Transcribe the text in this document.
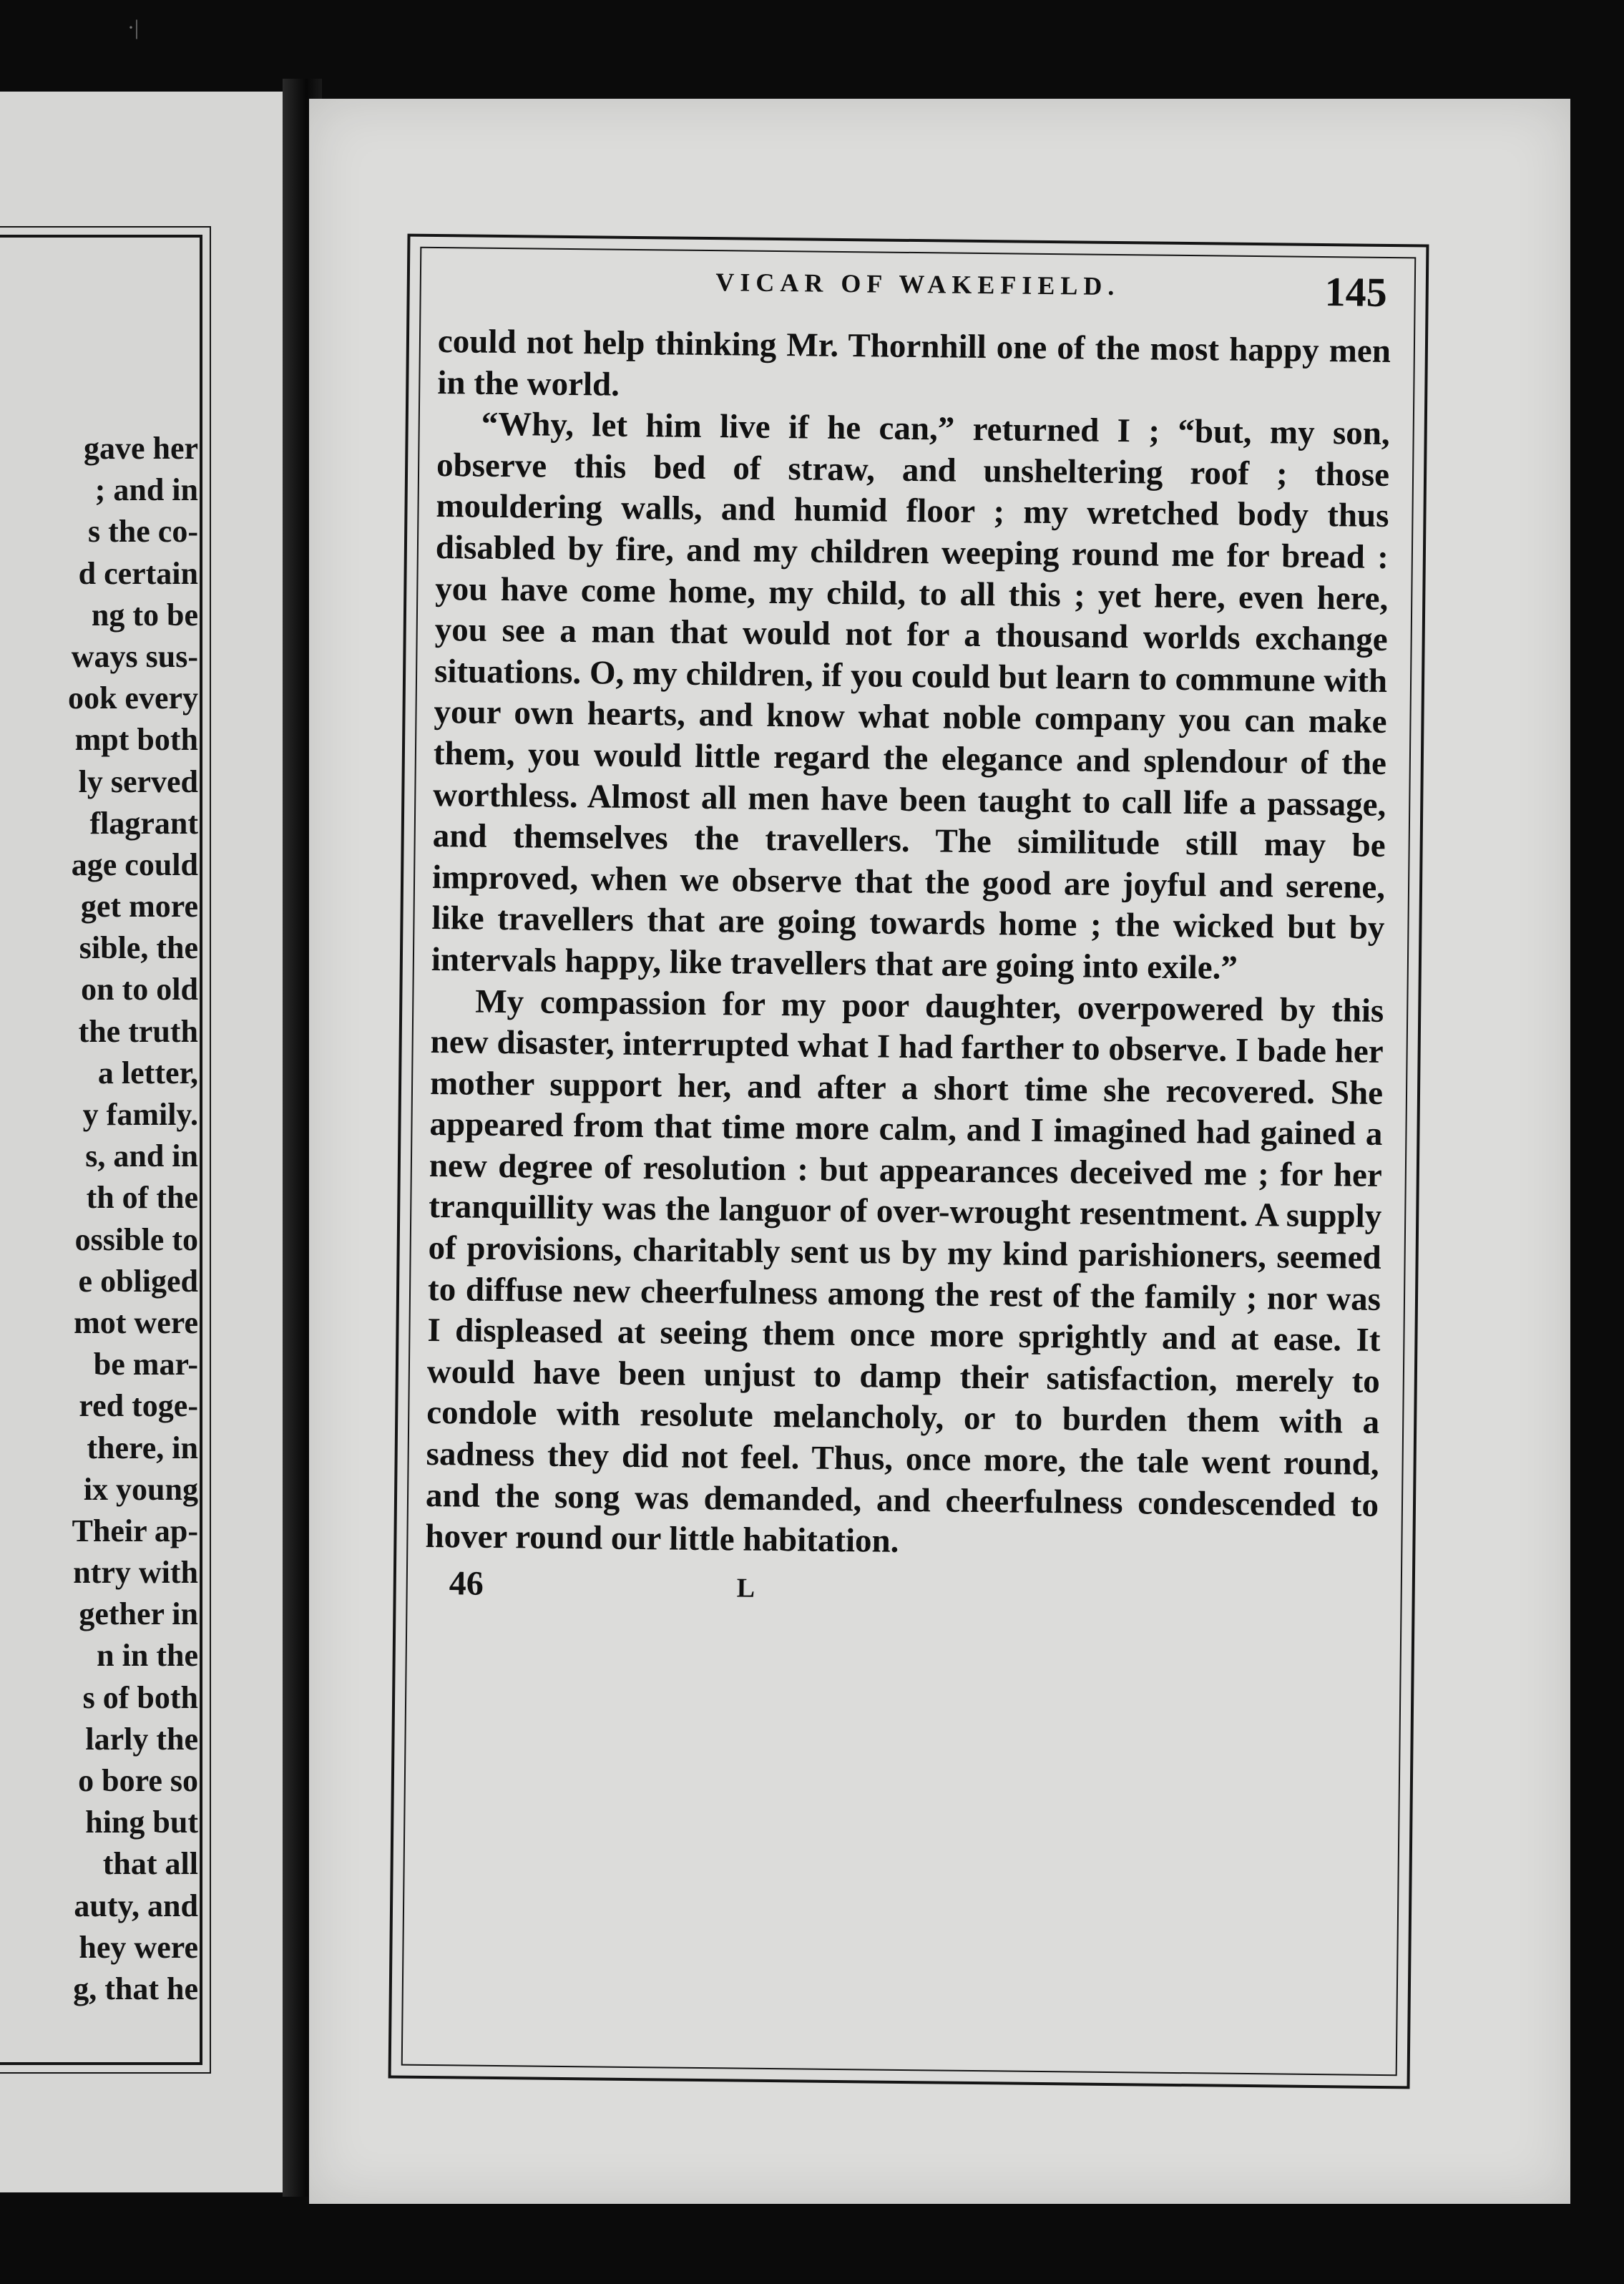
·|
gave her
; and in
s the co-
d certain
ng to be
ways sus-
ook every
mpt both
ly served
flagrant
age could
get more
sible, the
on to old
the truth
a letter,
y family.
s, and in
th of the
ossible to
e obliged
mot were
be mar-
red toge-
there, in
ix young
Their ap-
ntry with
gether in
n in the
s of both
larly the
o bore so
hing but
that all
auty, and
hey were
g, that he
VICAR OF WAKEFIELD.	145

could not help thinking Mr. Thornhill one of the most happy men in the world.

“Why, let him live if he can,” returned I ; “but, my son, observe this bed of straw, and unsheltering roof ; those mouldering walls, and humid floor ; my wretched body thus disabled by fire, and my children weeping round me for bread : you have come home, my child, to all this ; yet here, even here, you see a man that would not for a thousand worlds exchange situations. O, my children, if you could but learn to commune with your own hearts, and know what noble company you can make them, you would little regard the elegance and splendour of the worthless. Almost all men have been taught to call life a passage, and themselves the travellers. The similitude still may be improved, when we observe that the good are joyful and serene, like travellers that are going towards home ; the wicked but by intervals happy, like travellers that are going into exile.”

My compassion for my poor daughter, overpowered by this new disaster, interrupted what I had farther to observe. I bade her mother support her, and after a short time she recovered. She appeared from that time more calm, and I imagined had gained a new degree of resolution : but appearances deceived me ; for her tranquillity was the languor of over-wrought resentment. A supply of provisions, charitably sent us by my kind parishioners, seemed to diffuse new cheerfulness among the rest of the family ; nor was I displeased at seeing them once more sprightly and at ease. It would have been unjust to damp their satisfaction, merely to condole with resolute melancholy, or to burden them with a sadness they did not feel. Thus, once more, the tale went round, and the song was demanded, and cheerfulness condescended to hover round our little habitation.

46	L
